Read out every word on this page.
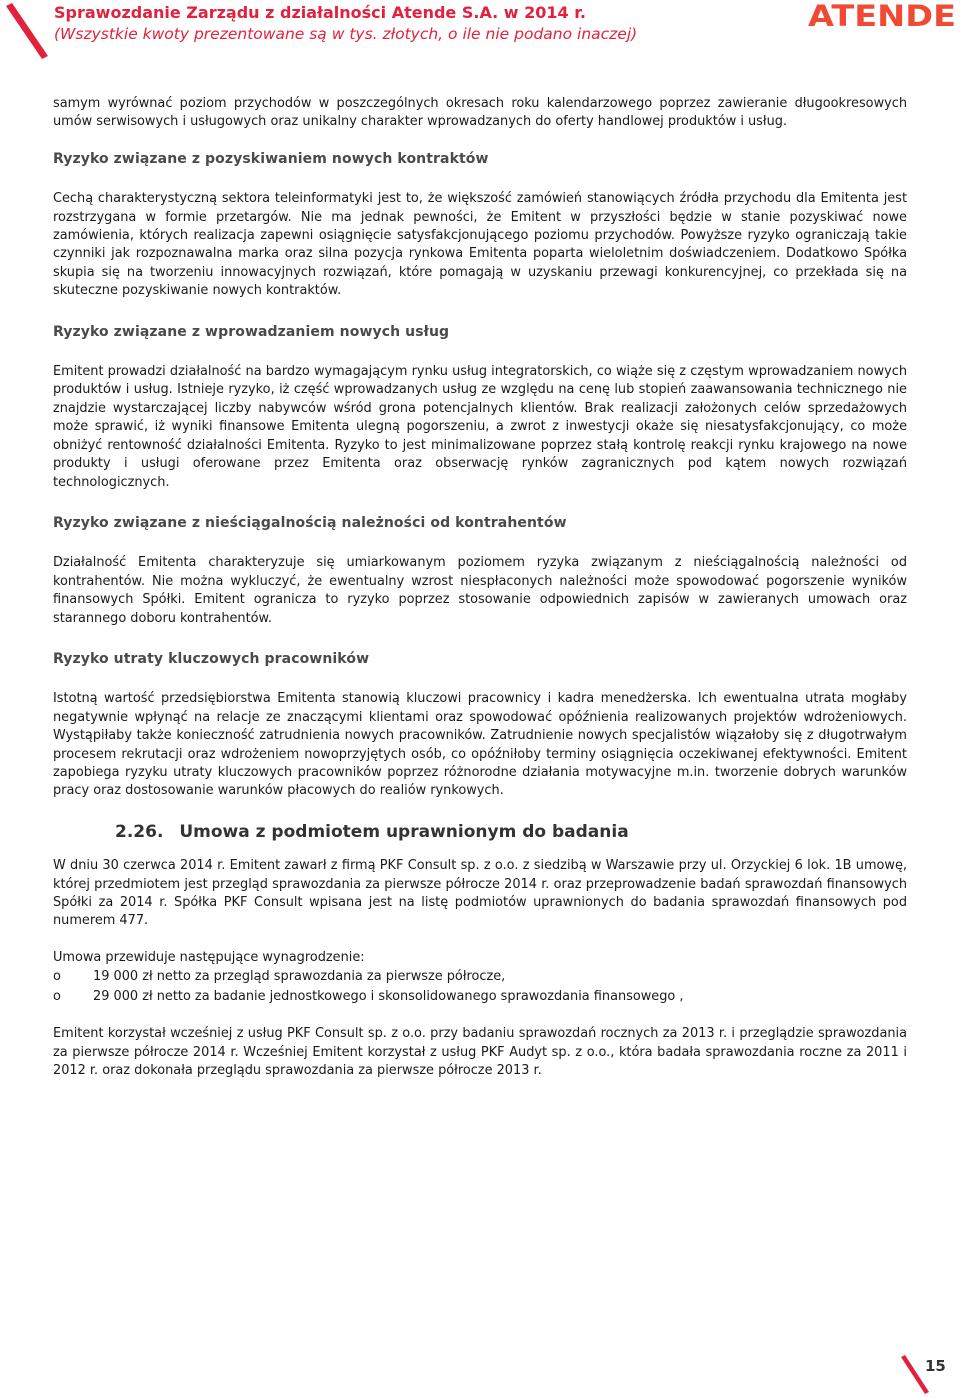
Sprawozdanie Zarządu z działalności Atende S.A. w 2014 r.
(Wszystkie kwoty prezentowane są w tys. złotych, o ile nie podano inaczej)
ATENDE

samym wyrównać poziom przychodów w poszczególnych okresach roku kalendarzowego poprzez zawieranie długookresowych umów serwisowych i usługowych oraz unikalny charakter wprowadzanych do oferty handlowej produktów i usług.

Ryzyko związane z pozyskiwaniem nowych kontraktów

Cechą charakterystyczną sektora teleinformatyki jest to, że większość zamówień stanowiących źródła przychodu dla Emitenta jest rozstrzygana w formie przetargów. Nie ma jednak pewności, że Emitent w przyszłości będzie w stanie pozyskiwać nowe zamówienia, których realizacja zapewni osiągnięcie satysfakcjonującego poziomu przychodów. Powyższe ryzyko ograniczają takie czynniki jak rozpoznawalna marka oraz silna pozycja rynkowa Emitenta poparta wieloletnim doświadczeniem. Dodatkowo Spółka skupia się na tworzeniu innowacyjnych rozwiązań, które pomagają w uzyskaniu przewagi konkurencyjnej, co przekłada się na skuteczne pozyskiwanie nowych kontraktów.

Ryzyko związane z wprowadzaniem nowych usług

Emitent prowadzi działalność na bardzo wymagającym rynku usług integratorskich, co wiąże się z częstym wprowadzaniem nowych produktów i usług. Istnieje ryzyko, iż część wprowadzanych usług ze względu na cenę lub stopień zaawansowania technicznego nie znajdzie wystarczającej liczby nabywców wśród grona potencjalnych klientów. Brak realizacji założonych celów sprzedażowych może sprawić, iż wyniki finansowe Emitenta ulegną pogorszeniu, a zwrot z inwestycji okaże się niesatysfakcjonujący, co może obniżyć rentowność działalności Emitenta. Ryzyko to jest minimalizowane poprzez stałą kontrolę reakcji rynku krajowego na nowe produkty i usługi oferowane przez Emitenta oraz obserwację rynków zagranicznych pod kątem nowych rozwiązań technologicznych.

Ryzyko związane z nieściągalnością należności od kontrahentów

Działalność Emitenta charakteryzuje się umiarkowanym poziomem ryzyka związanym z nieściągalnością należności od kontrahentów. Nie można wykluczyć, że ewentualny wzrost niespłaconych należności może spowodować pogorszenie wyników finansowych Spółki. Emitent ogranicza to ryzyko poprzez stosowanie odpowiednich zapisów w zawieranych umowach oraz starannego doboru kontrahentów.

Ryzyko utraty kluczowych pracowników

Istotną wartość przedsiębiorstwa Emitenta stanowią kluczowi pracownicy i kadra menedżerska. Ich ewentualna utrata mogłaby negatywnie wpłynąć na relacje ze znaczącymi klientami oraz spowodować opóźnienia realizowanych projektów wdrożeniowych. Wystąpiłaby także konieczność zatrudnienia nowych pracowników. Zatrudnienie nowych specjalistów wiązałoby się z długotrwałym procesem rekrutacji oraz wdrożeniem nowoprzyjętych osób, co opóźniłoby terminy osiągnięcia oczekiwanej efektywności. Emitent zapobiega ryzyku utraty kluczowych pracowników poprzez różnorodne działania motywacyjne m.in. tworzenie dobrych warunków pracy oraz dostosowanie warunków płacowych do realiów rynkowych.

2.26. Umowa z podmiotem uprawnionym do badania

W dniu 30 czerwca 2014 r. Emitent zawarł z firmą PKF Consult sp. z o.o. z siedzibą w Warszawie przy ul. Orzyckiej 6 lok. 1B umowę, której przedmiotem jest przegląd sprawozdania za pierwsze półrocze 2014 r. oraz przeprowadzenie badań sprawozdań finansowych Spółki za 2014 r. Spółka PKF Consult wpisana jest na listę podmiotów uprawnionych do badania sprawozdań finansowych pod numerem 477.

Umowa przewiduje następujące wynagrodzenie:

o 19 000 zł netto za przegląd sprawozdania za pierwsze półrocze,
o 29 000 zł netto za badanie jednostkowego i skonsolidowanego sprawozdania finansowego ,

Emitent korzystał wcześniej z usług PKF Consult sp. z o.o. przy badaniu sprawozdań rocznych za 2013 r. i przeglądzie sprawozdania za pierwsze półrocze 2014 r. Wcześniej Emitent korzystał z usług PKF Audyt sp. z o.o., która badała sprawozdania roczne za 2011 i 2012 r. oraz dokonała przeglądu sprawozdania za pierwsze półrocze 2013 r.

15
